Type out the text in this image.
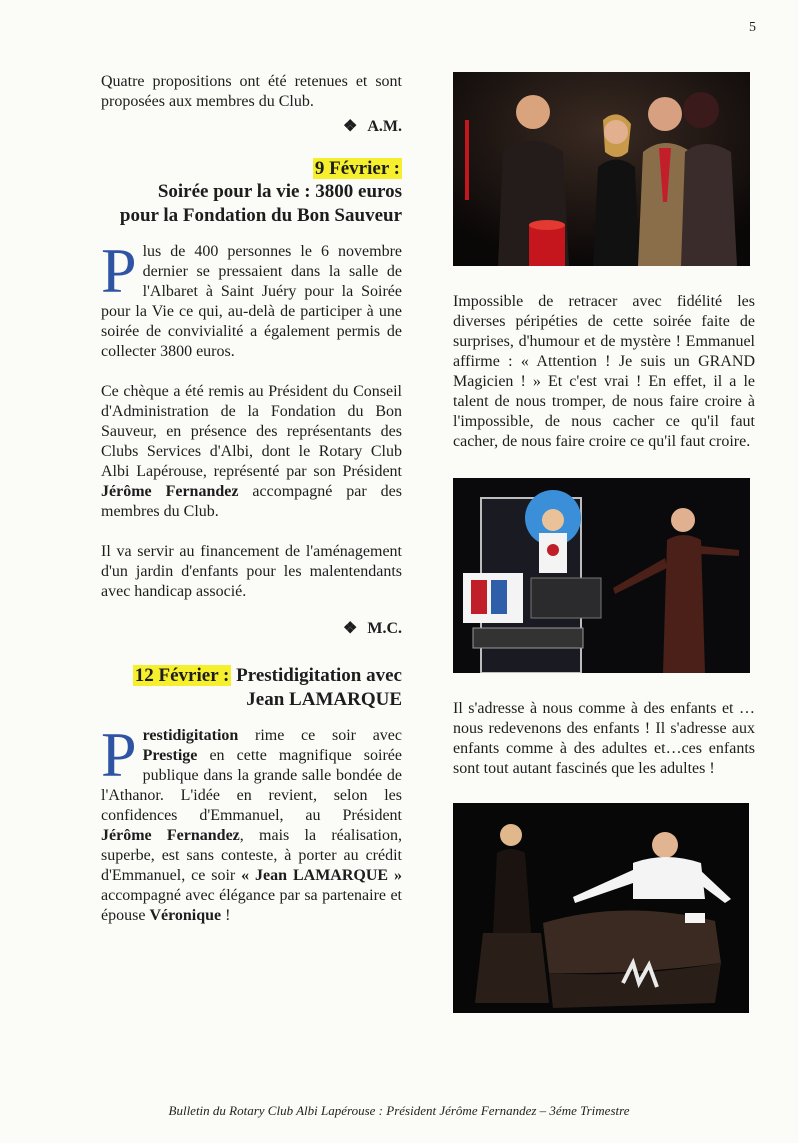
5

Quatre propositions ont été retenues et sont proposées aux membres du Club.

❖ A.M.
9 Février :
Soirée pour la vie : 3800 euros
pour la Fondation du Bon Sauveur

Plus de 400 personnes le 6 novembre dernier se pressaient dans la salle de l'Albaret à Saint Juéry pour la Soirée pour la Vie ce qui, au-delà de participer à une soirée de convivialité a également permis de collecter 3800 euros.

Ce chèque a été remis au Président du Conseil d'Administration de la Fondation du Bon Sauveur, en présence des représentants des Clubs Services d'Albi, dont le Rotary Club Albi Lapérouse, représenté par son Président Jérôme Fernandez accompagné par des membres du Club.

Il va servir au financement de l'aménagement d'un jardin d'enfants pour les malentendants avec handicap associé.

❖ M.C.
12 Février : Prestidigitation avec
Jean LAMARQUE

Prestidigitation rime ce soir avec Prestige en cette magnifique soirée publique dans la grande salle bondée de l'Athanor. L'idée en revient, selon les confidences d'Emmanuel, au Président Jérôme Fernandez, mais la réalisation, superbe, est sans conteste, à porter au crédit d'Emmanuel, ce soir « Jean LAMARQUE » accompagné avec élégance par sa partenaire et épouse Véronique !

Impossible de retracer avec fidélité les diverses péripéties de cette soirée faite de surprises, d'humour et de mystère ! Emmanuel affirme : « Attention ! Je suis un GRAND Magicien ! » Et c'est vrai ! En effet, il a le talent de nous tromper, de nous faire croire à l'impossible, de nous cacher ce qu'il faut cacher, de nous faire croire ce qu'il faut croire.

Il s'adresse à nous comme à des enfants et …nous redevenons des enfants ! Il s'adresse aux enfants comme à des adultes et…ces enfants sont tout autant fascinés que les adultes !

Bulletin du Rotary Club Albi Lapérouse : Président Jérôme Fernandez – 3éme Trimestre
